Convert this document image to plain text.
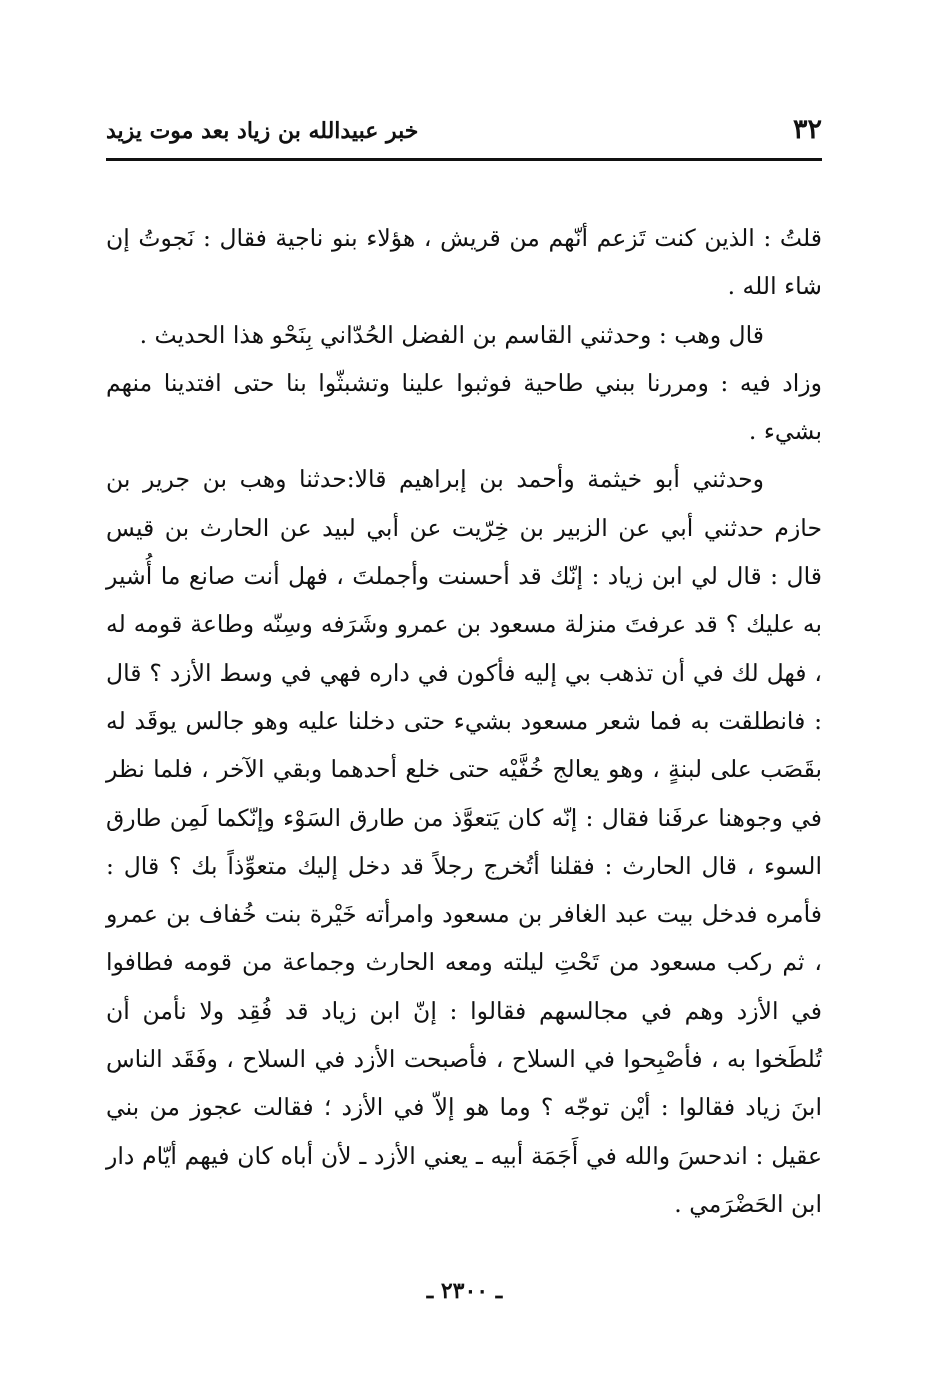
٣٢
خبر عبيدالله بن زياد بعد موت يزيد

قلتُ : الذين كنت تَزعم أنّهم من قريش ، هؤلاء بنو ناجية فقال : نَجوتُ إن شاء الله .

قال وهب : وحدثني القاسم بن الفضل الحُدّاني بِنَحْو هذا الحديث .

وزاد فيه : ومررنا ببني طاحية فوثبوا علينا وتشبثّوا بنا حتى افتدينا منهم بشيء .

وحدثني أبو خيثمة وأحمد بن إبراهيم قالا:حدثنا وهب بن جرير بن حازم حدثني أبي عن الزبير بن خِرّيت عن أبي لبيد عن الحارث بن قيس قال : قال لي ابن زياد : إنّك قد أحسنت وأجملتَ ، فهل أنت صانع ما أُشير به عليك ؟ قد عرفتَ منزلة مسعود بن عمرو وشَرَفه وسِنّه وطاعة قومه له ، فهل لك في أن تذهب بي إليه فأكون في داره فهي في وسط الأزد ؟ قال : فانطلقت به فما شعر مسعود بشيء حتى دخلنا عليه وهو جالس يوقَد له بقَصَب على لبنةٍ ، وهو يعالج خُفَّيْه حتى خلع أحدهما وبقي الآخر ، فلما نظر في وجوهنا عرفَنا فقال : إنّه كان يَتعوَّذ من طارق السَوْء وإنّكما لَمِن طارق السوء ، قال الحارث : فقلنا أتُخرج رجلاً قد دخل إليك متعوِّذاً بك ؟ قال : فأمره فدخل بيت عبد الغافر بن مسعود وامرأته خَيْرة بنت خُفاف بن عمرو ، ثم ركب مسعود من تَحْتِ ليلته ومعه الحارث وجماعة من قومه فطافوا في الأزد وهم في مجالسهم فقالوا : إنّ ابن زياد قد فُقِد ولا نأمن أن تُلطَخوا به ، فأصْبِحوا في السلاح ، فأصبحت الأزد في السلاح ، وفَقَد الناس ابنَ زياد فقالوا : أيْن توجّه ؟ وما هو إلاّ في الأزد ؛ فقالت عجوز من بني عقيل : اندحسَ والله في أَجَمَة أبيه ـ يعني الأزد ـ لأن أباه كان فيهم أيّام دار ابن الحَضْرَمي .

ـ ٢٣٠٠ ـ
